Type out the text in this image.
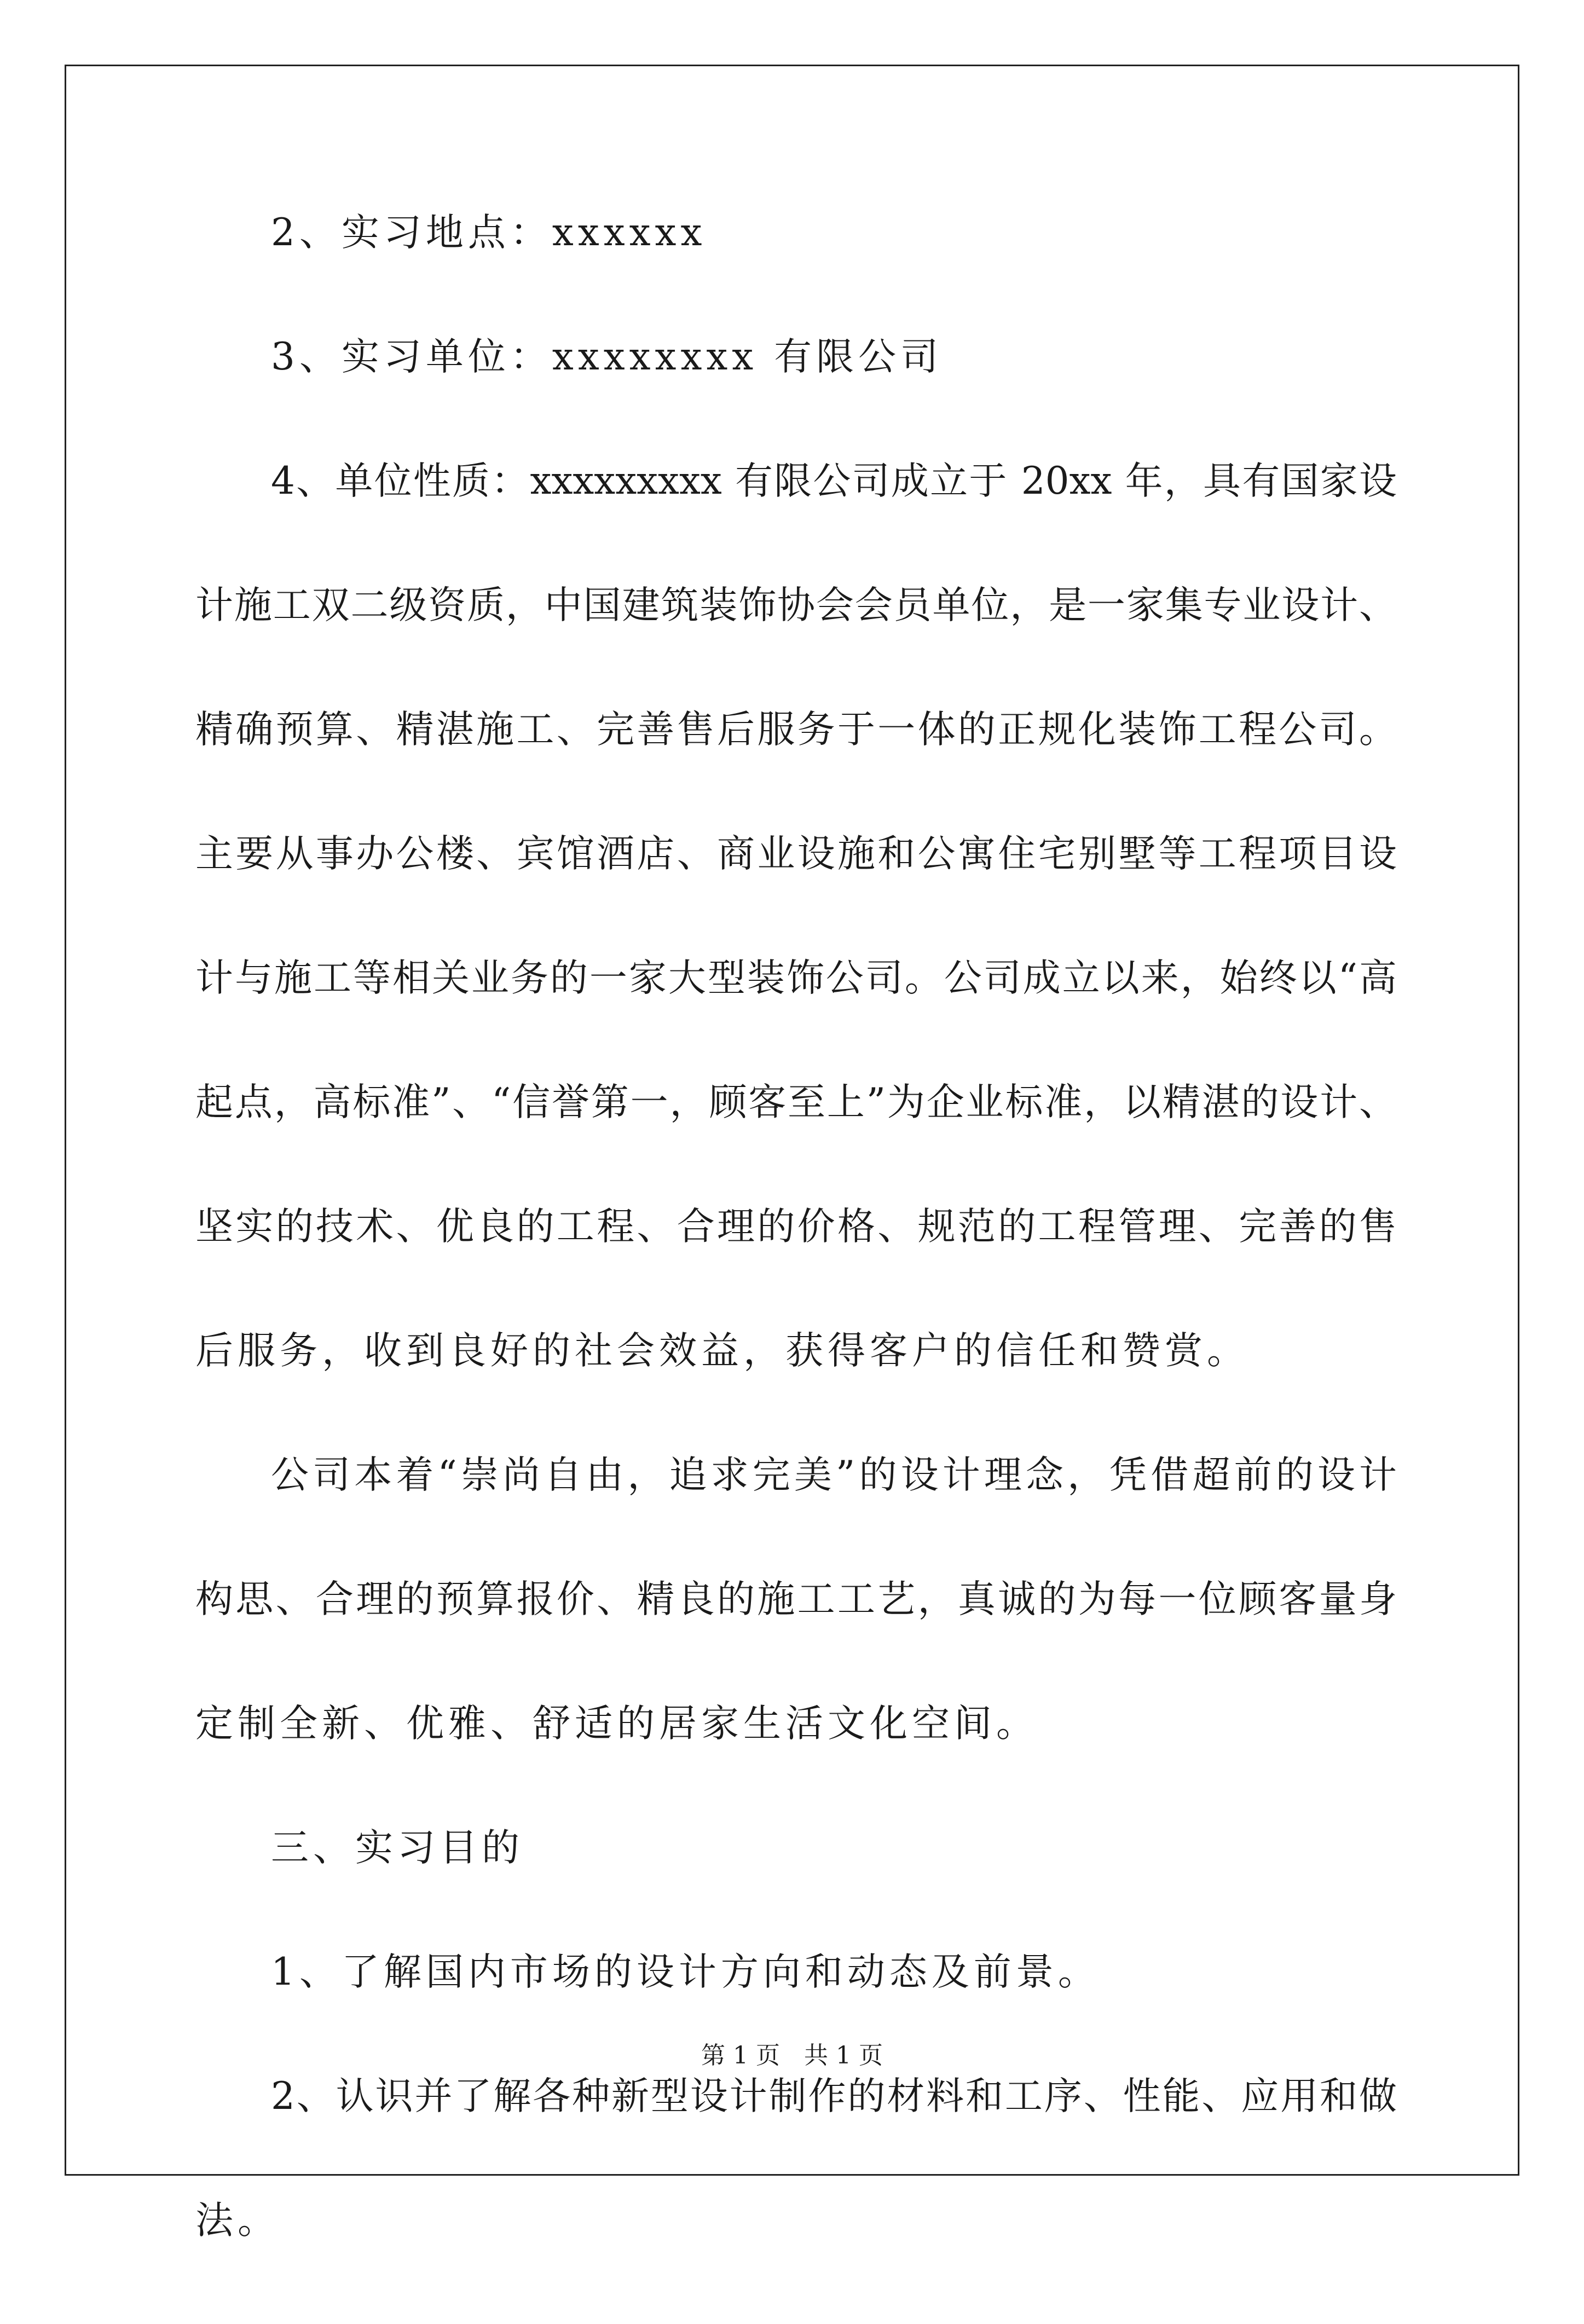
2、实习地点：xxxxxx
3、实习单位：xxxxxxxx 有限公司
4、单位性质：xxxxxxxxx 有限公司成立于 20xx 年，具有国家设
计施工双二级资质，中国建筑装饰协会会员单位，是一家集专业设计、
精确预算、精湛施工、完善售后服务于一体的正规化装饰工程公司。
主要从事办公楼、宾馆酒店、商业设施和公寓住宅别墅等工程项目设
计与施工等相关业务的一家大型装饰公司。公司成立以来，始终以“高
起点，高标准”、“信誉第一，顾客至上”为企业标准，以精湛的设计、
坚实的技术、优良的工程、合理的价格、规范的工程管理、完善的售
后服务，收到良好的社会效益，获得客户的信任和赞赏。
公司本着“崇尚自由，追求完美”的设计理念，凭借超前的设计
构思、合理的预算报价、精良的施工工艺，真诚的为每一位顾客量身
定制全新、优雅、舒适的居家生活文化空间。
三、实习目的
1、了解国内市场的设计方向和动态及前景。
2、认识并了解各种新型设计制作的材料和工序、性能、应用和做
法。
第 1 页　共 1 页
